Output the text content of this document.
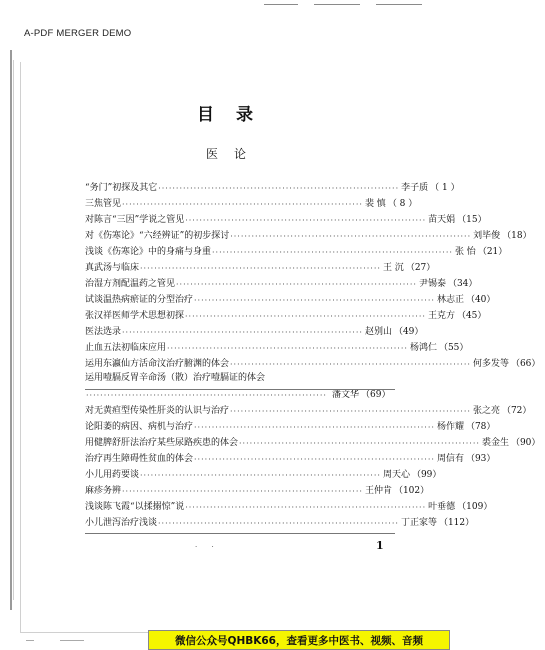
A-PDF MERGER DEMO
目录
医论
“务门”初探及其它 ···································································· 李子质 （ 1 ）
三焦管见 ···································································· 裴 慎 （ 8 ）
对陈言“三因”学说之管见 ···································································· 苗天娟 （15）
对《伤寒论》“六经辨证”的初步探讨 ···································································· 刘毕俊 （18）
浅谈《伤寒论》中的身痛与身重 ···································································· 张 怡 （21）
真武汤与临床 ···································································· 王 沉 （27）
治湿方剂配温药之管见 ···································································· 尹锡泰 （34）
试谈温热病瘀证的分型治疗 ···································································· 林志正 （40）
张汉祥医师学术思想初探 ···································································· 王克方 （45）
医法选录 ···································································· 赵别山 （49）
止血五法初临床应用 ···································································· 杨鸿仁 （55）
运用东瀛仙方活命汶治疗腑渊的体会 ···································································· 何多发等 （66）
运用噎膈反胃辛命汤（散）治疗噎膈证的体会
···································································· 潘文华 （69）
对无黄疸型传染性肝炎的认识与治疗 ···································································· 张之亮 （72）
论阳萎的病因、病机与治疗 ···································································· 杨作耀 （78）
用健脾舒肝法治疗某些尿路疾患的体会 ···································································· 裘金生 （90）
治疗再生障碍性贫血的体会 ···································································· 周信有 （93）
小儿用药要谈 ···································································· 周天心 （99）
麻疹务辨 ···································································· 王仲肯 （102）
浅谈陈飞霞“以揉搦惊”说 ···································································· 叶垂德 （109）
小儿泄泻治疗浅谈 ···································································· 丁正家等 （112）
· ·	1
微信公众号QHBK66，查看更多中医书、视频、音频
